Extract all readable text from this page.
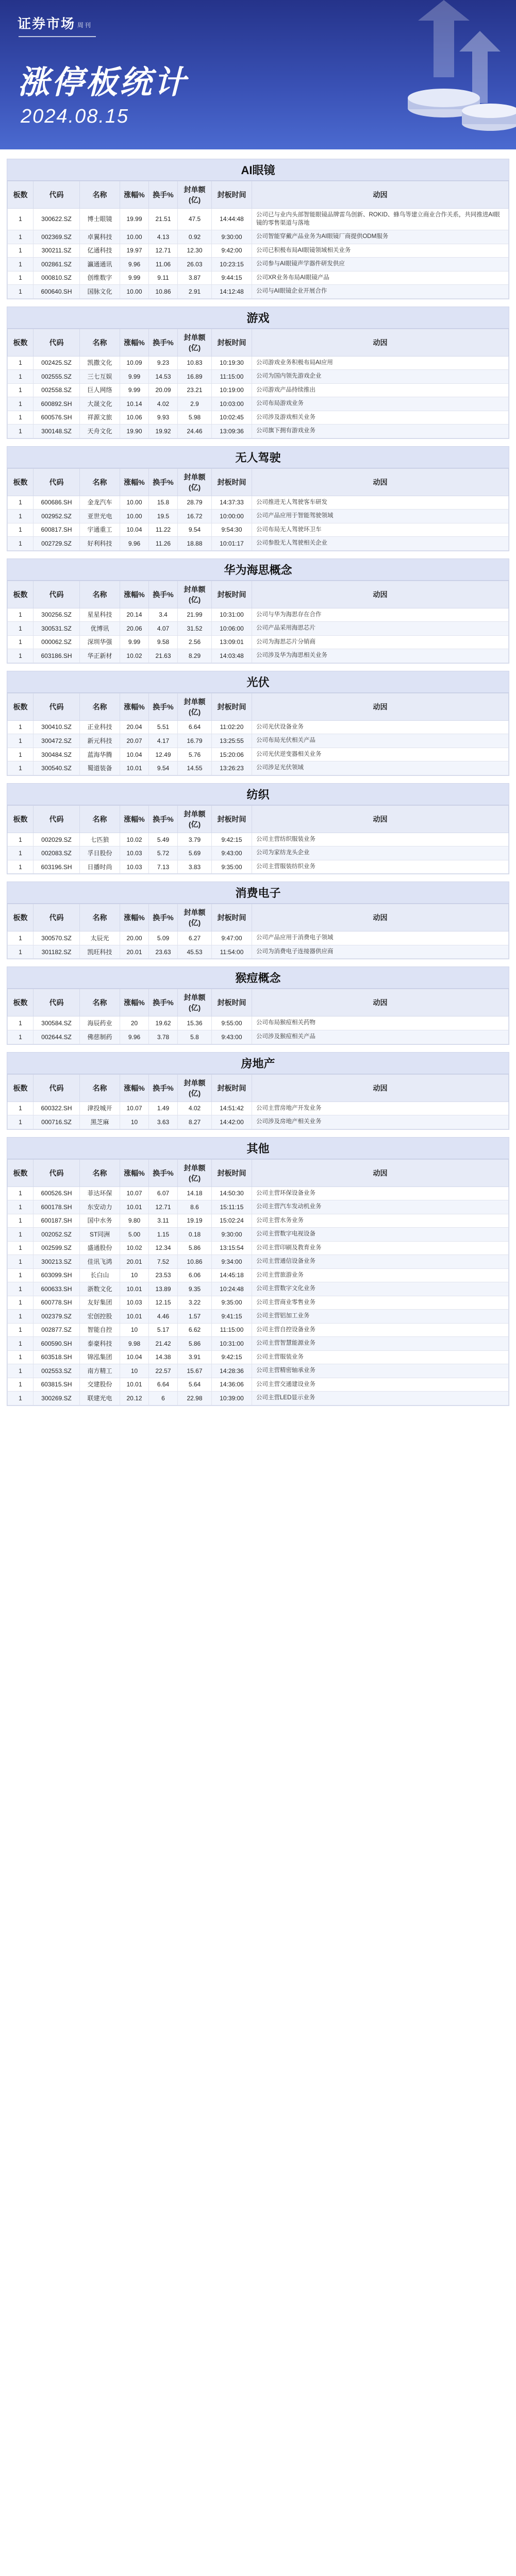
证券市场 周刊
涨停板统计
2024.08.15
AI眼镜
板数	代码	名称	涨幅%	换手%	封单额(亿)	封板时间	动因
1	300622.SZ	博士眼镜	19.99	21.51	47.5	14:44:48	公司已与业内头部智能眼镜品牌雷鸟创新、ROKID、蜂鸟等建立商业合作关系，共同推进AI眼镜的零售渠道与落地
1	002369.SZ	卓翼科技	10.00	4.13	0.92	9:30:00	公司智能穿戴产品业务为AI眼镜厂商提供ODM服务
1	300211.SZ	亿通科技	19.97	12.71	12.30	9:42:00	公司已积极布局AI眼镜领域相关业务
1	002861.SZ	瀛通通讯	9.96	11.06	26.03	10:23:15	公司参与AI眼镜声学器件研发供应
1	000810.SZ	创维数字	9.99	9.11	3.87	9:44:15	公司XR业务布局AI眼镜产品
1	600640.SH	国脉文化	10.00	10.86	2.91	14:12:48	公司与AI眼镜企业开展合作
游戏
板数	代码	名称	涨幅%	换手%	封单额(亿)	封板时间	动因
1	002425.SZ	凯撒文化	10.09	9.23	10.83	10:19:30	公司游戏业务积极布局AI应用
1	002555.SZ	三七互娱	9.99	14.53	16.89	11:15:00	公司为国内领先游戏企业
1	002558.SZ	巨人网络	9.99	20.09	23.21	10:19:00	公司游戏产品持续推出
1	600892.SH	大晟文化	10.14	4.02	2.9	10:03:00	公司布局游戏业务
1	600576.SH	祥源文旅	10.06	9.93	5.98	10:02:45	公司涉及游戏相关业务
1	300148.SZ	天舟文化	19.90	19.92	24.46	13:09:36	公司旗下拥有游戏业务
无人驾驶
板数	代码	名称	涨幅%	换手%	封单额(亿)	封板时间	动因
1	600686.SH	金龙汽车	10.00	15.8	28.79	14:37:33	公司推进无人驾驶客车研发
1	002952.SZ	亚世光电	10.00	19.5	16.72	10:00:00	公司产品应用于智能驾驶领域
1	600817.SH	宇通重工	10.04	11.22	9.54	9:54:30	公司布局无人驾驶环卫车
1	002729.SZ	好利科技	9.96	11.26	18.88	10:01:17	公司参股无人驾驶相关企业
华为海思概念
板数	代码	名称	涨幅%	换手%	封单额(亿)	封板时间	动因
1	300256.SZ	星星科技	20.14	3.4	21.99	10:31:00	公司与华为海思存在合作
1	300531.SZ	优博讯	20.06	4.07	31.52	10:06:00	公司产品采用海思芯片
1	000062.SZ	深圳华强	9.99	9.58	2.56	13:09:01	公司为海思芯片分销商
1	603186.SH	华正新材	10.02	21.63	8.29	14:03:48	公司涉及华为海思相关业务
光伏
板数	代码	名称	涨幅%	换手%	封单额(亿)	封板时间	动因
1	300410.SZ	正业科技	20.04	5.51	6.64	11:02:20	公司光伏设备业务
1	300472.SZ	新元科技	20.07	4.17	16.79	13:25:55	公司布局光伏相关产品
1	300484.SZ	蓝海华腾	10.04	12.49	5.76	15:20:06	公司光伏逆变器相关业务
1	300540.SZ	蜀道装备	10.01	9.54	14.55	13:26:23	公司涉足光伏领域
纺织
板数	代码	名称	涨幅%	换手%	封单额(亿)	封板时间	动因
1	002029.SZ	七匹狼	10.02	5.49	3.79	9:42:15	公司主营纺织服装业务
1	002083.SZ	孚日股份	10.03	5.72	5.69	9:43:00	公司为家纺龙头企业
1	603196.SH	日播时尚	10.03	7.13	3.83	9:35:00	公司主营服装纺织业务
消费电子
板数	代码	名称	涨幅%	换手%	封单额(亿)	封板时间	动因
1	300570.SZ	太辰光	20.00	5.09	6.27	9:47:00	公司产品应用于消费电子领域
1	301182.SZ	凯旺科技	20.01	23.63	45.53	11:54:00	公司为消费电子连接器供应商
猴痘概念
板数	代码	名称	涨幅%	换手%	封单额(亿)	封板时间	动因
1	300584.SZ	海辰药业	20	19.62	15.36	9:55:00	公司布局猴痘相关药物
1	002644.SZ	佛慈制药	9.96	3.78	5.8	9:43:00	公司涉及猴痘相关产品
房地产
板数	代码	名称	涨幅%	换手%	封单额(亿)	封板时间	动因
1	600322.SH	津投城开	10.07	1.49	4.02	14:51:42	公司主营房地产开发业务
1	000716.SZ	黑芝麻	10	3.63	8.27	14:42:00	公司涉及房地产相关业务
其他
板数	代码	名称	涨幅%	换手%	封单额(亿)	封板时间	动因
1	600526.SH	菲达环保	10.07	6.07	14.18	14:50:30	公司主营环保设备业务
1	600178.SH	东安动力	10.01	12.71	8.6	15:11:15	公司主营汽车发动机业务
1	600187.SH	国中水务	9.80	3.11	19.19	15:02:24	公司主营水务业务
1	002052.SZ	ST同洲	5.00	1.15	0.18	9:30:00	公司主营数字电视设备
1	002599.SZ	盛通股份	10.02	12.34	5.86	13:15:54	公司主营印刷及教育业务
1	300213.SZ	佳讯飞鸿	20.01	7.52	10.86	9:34:00	公司主营通信设备业务
1	603099.SH	长白山	10	23.53	6.06	14:45:18	公司主营旅游业务
1	600633.SH	浙数文化	10.01	13.89	9.35	10:24:48	公司主营数字文化业务
1	600778.SH	友好集团	10.03	12.15	3.22	9:35:00	公司主营商业零售业务
1	002379.SZ	宏创控股	10.01	4.46	1.57	9:41:15	公司主营铝加工业务
1	002877.SZ	智能自控	10	5.17	6.62	11:15:00	公司主营自控设备业务
1	600590.SH	泰豪科技	9.98	21.42	5.86	10:31:00	公司主营智慧能源业务
1	603518.SH	锦泓集团	10.04	14.38	3.91	9:42:15	公司主营服装业务
1	002553.SZ	南方精工	10	22.57	15.67	14:28:36	公司主营精密轴承业务
1	603815.SH	交建股份	10.01	6.64	5.64	14:36:06	公司主营交通建设业务
1	300269.SZ	联建光电	20.12	6	22.98	10:39:00	公司主营LED显示业务
